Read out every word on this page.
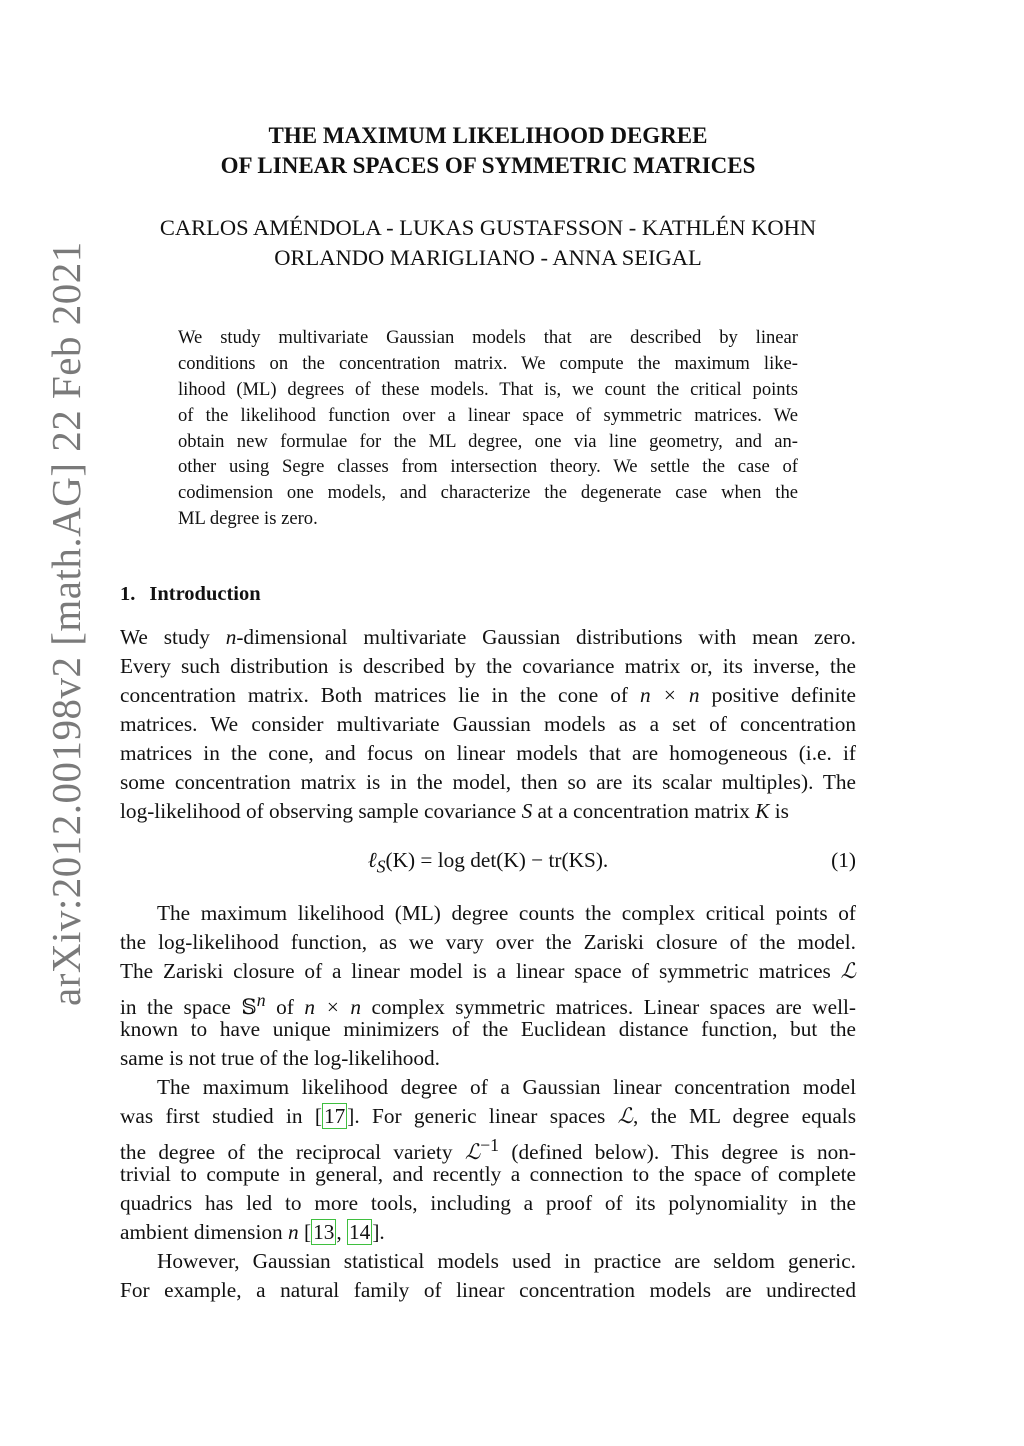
arXiv:2012.00198v2 [math.AG] 22 Feb 2021
THE MAXIMUM LIKELIHOOD DEGREE
OF LINEAR SPACES OF SYMMETRIC MATRICES
CARLOS AMÉNDOLA - LUKAS GUSTAFSSON - KATHLÉN KOHN
ORLANDO MARIGLIANO - ANNA SEIGAL
We study multivariate Gaussian models that are described by linear
conditions on the concentration matrix. We compute the maximum like-
lihood (ML) degrees of these models. That is, we count the critical points
of the likelihood function over a linear space of symmetric matrices. We
obtain new formulae for the ML degree, one via line geometry, and an-
other using Segre classes from intersection theory. We settle the case of
codimension one models, and characterize the degenerate case when the
ML degree is zero.
1. Introduction
We study n-dimensional multivariate Gaussian distributions with mean zero.
Every such distribution is described by the covariance matrix or, its inverse, the
concentration matrix. Both matrices lie in the cone of n × n positive definite
matrices. We consider multivariate Gaussian models as a set of concentration
matrices in the cone, and focus on linear models that are homogeneous (i.e. if
some concentration matrix is in the model, then so are its scalar multiples). The
log-likelihood of observing sample covariance S at a concentration matrix K is
ℓ$_S$(K) = log det(K) − tr(KS).	(1)
The maximum likelihood (ML) degree counts the complex critical points of
the log-likelihood function, as we vary over the Zariski closure of the model.
The Zariski closure of a linear model is a linear space of symmetric matrices ℒ
in the space 𝕊$^n$ of n × n complex symmetric matrices. Linear spaces are well-
known to have unique minimizers of the Euclidean distance function, but the
same is not true of the log-likelihood.
The maximum likelihood degree of a Gaussian linear concentration model
was first studied in [17]. For generic linear spaces ℒ, the ML degree equals
the degree of the reciprocal variety ℒ$^{-1}$ (defined below). This degree is non-
trivial to compute in general, and recently a connection to the space of complete
quadrics has led to more tools, including a proof of its polynomiality in the
ambient dimension n [13, 14].
However, Gaussian statistical models used in practice are seldom generic.
For example, a natural family of linear concentration models are undirected
